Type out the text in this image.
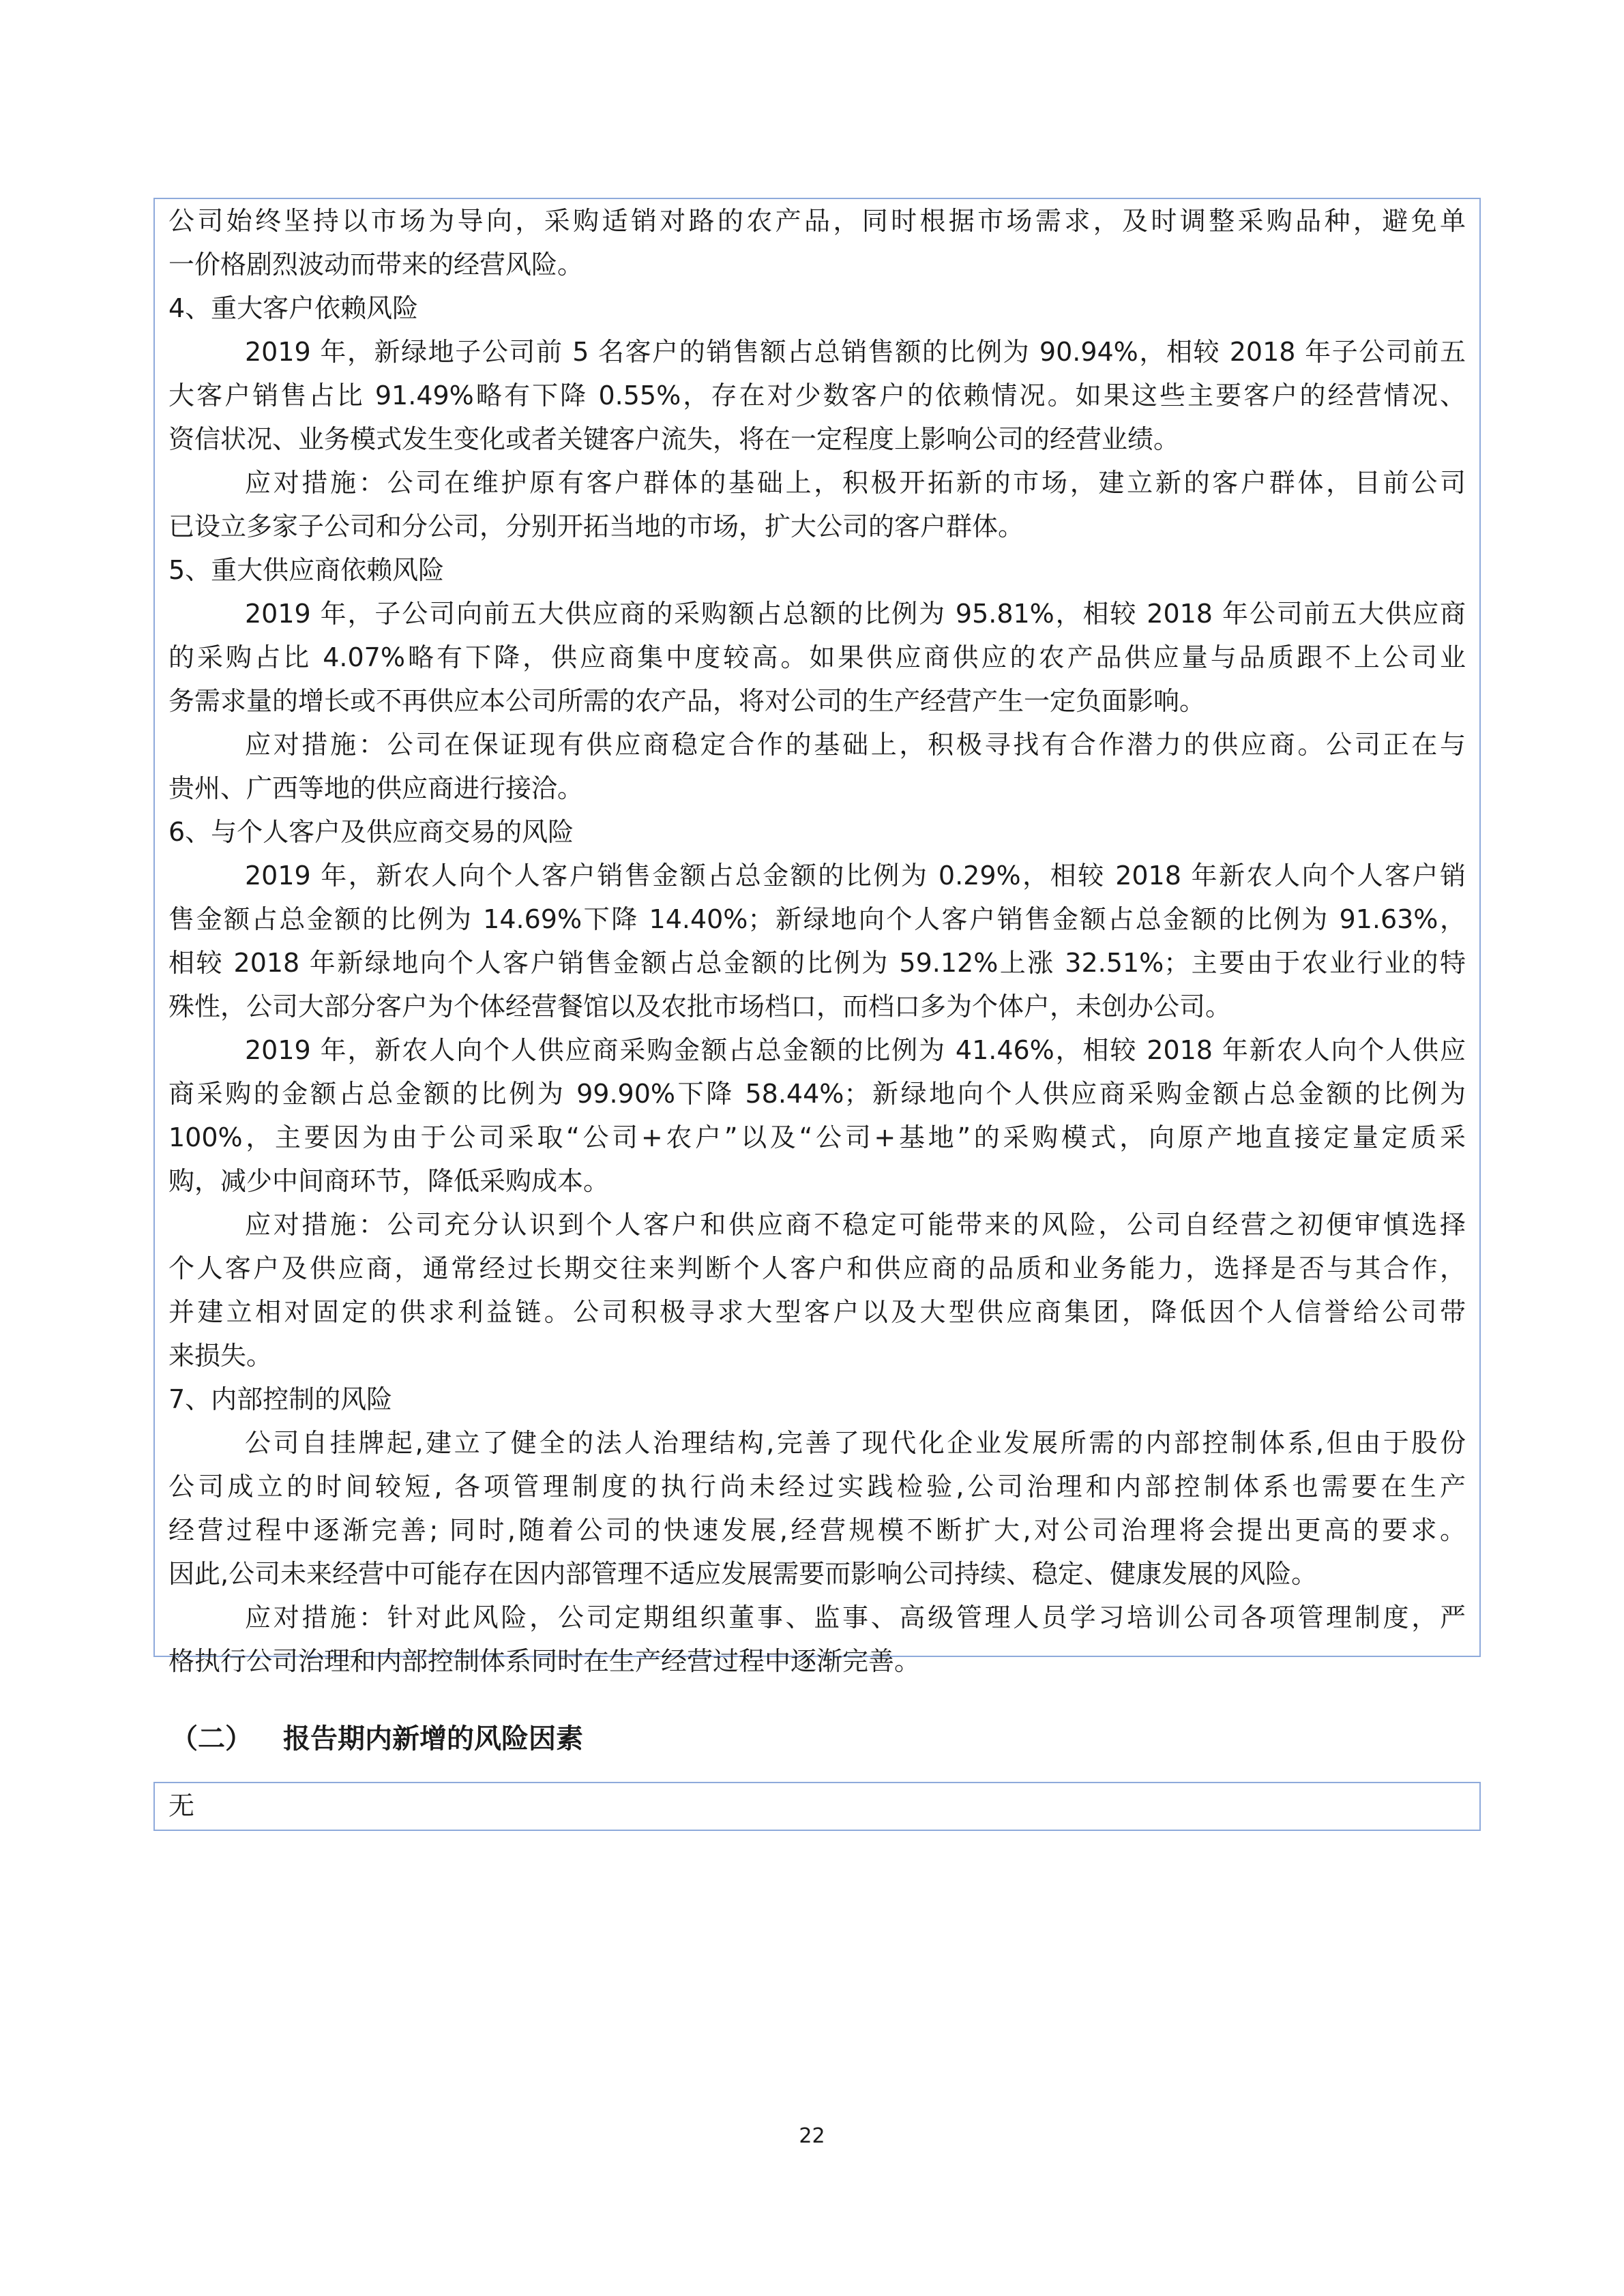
公司始终坚持以市场为导向，采购适销对路的农产品，同时根据市场需求，及时调整采购品种，避免单
一价格剧烈波动而带来的经营风险。
4、重大客户依赖风险
2019 年，新绿地子公司前 5 名客户的销售额占总销售额的比例为 90.94%，相较 2018 年子公司前五
大客户销售占比 91.49%略有下降 0.55%，存在对少数客户的依赖情况。如果这些主要客户的经营情况、
资信状况、业务模式发生变化或者关键客户流失，将在一定程度上影响公司的经营业绩。
应对措施：公司在维护原有客户群体的基础上，积极开拓新的市场，建立新的客户群体，目前公司
已设立多家子公司和分公司，分别开拓当地的市场，扩大公司的客户群体。
5、重大供应商依赖风险
2019 年，子公司向前五大供应商的采购额占总额的比例为 95.81%，相较 2018 年公司前五大供应商
的采购占比 4.07%略有下降，供应商集中度较高。如果供应商供应的农产品供应量与品质跟不上公司业
务需求量的增长或不再供应本公司所需的农产品，将对公司的生产经营产生一定负面影响。
应对措施：公司在保证现有供应商稳定合作的基础上，积极寻找有合作潜力的供应商。公司正在与
贵州、广西等地的供应商进行接洽。
6、与个人客户及供应商交易的风险
2019 年，新农人向个人客户销售金额占总金额的比例为 0.29%，相较 2018 年新农人向个人客户销
售金额占总金额的比例为 14.69%下降 14.40%；新绿地向个人客户销售金额占总金额的比例为 91.63%，
相较 2018 年新绿地向个人客户销售金额占总金额的比例为 59.12%上涨 32.51%；主要由于农业行业的特
殊性，公司大部分客户为个体经营餐馆以及农批市场档口，而档口多为个体户，未创办公司。
2019 年，新农人向个人供应商采购金额占总金额的比例为 41.46%，相较 2018 年新农人向个人供应
商采购的金额占总金额的比例为 99.90%下降 58.44%；新绿地向个人供应商采购金额占总金额的比例为
100%，主要因为由于公司采取“公司+农户”以及“公司+基地”的采购模式，向原产地直接定量定质采
购，减少中间商环节，降低采购成本。
应对措施：公司充分认识到个人客户和供应商不稳定可能带来的风险，公司自经营之初便审慎选择
个人客户及供应商，通常经过长期交往来判断个人客户和供应商的品质和业务能力，选择是否与其合作，
并建立相对固定的供求利益链。公司积极寻求大型客户以及大型供应商集团，降低因个人信誉给公司带
来损失。
7、内部控制的风险
公司自挂牌起,建立了健全的法人治理结构,完善了现代化企业发展所需的内部控制体系,但由于股份
公司成立的时间较短, 各项管理制度的执行尚未经过实践检验,公司治理和内部控制体系也需要在生产
经营过程中逐渐完善; 同时,随着公司的快速发展,经营规模不断扩大,对公司治理将会提出更高的要求。
因此,公司未来经营中可能存在因内部管理不适应发展需要而影响公司持续、稳定、健康发展的风险。
应对措施：针对此风险，公司定期组织董事、监事、高级管理人员学习培训公司各项管理制度，严
格执行公司治理和内部控制体系同时在生产经营过程中逐渐完善。
（二） 报告期内新增的风险因素
无
22
